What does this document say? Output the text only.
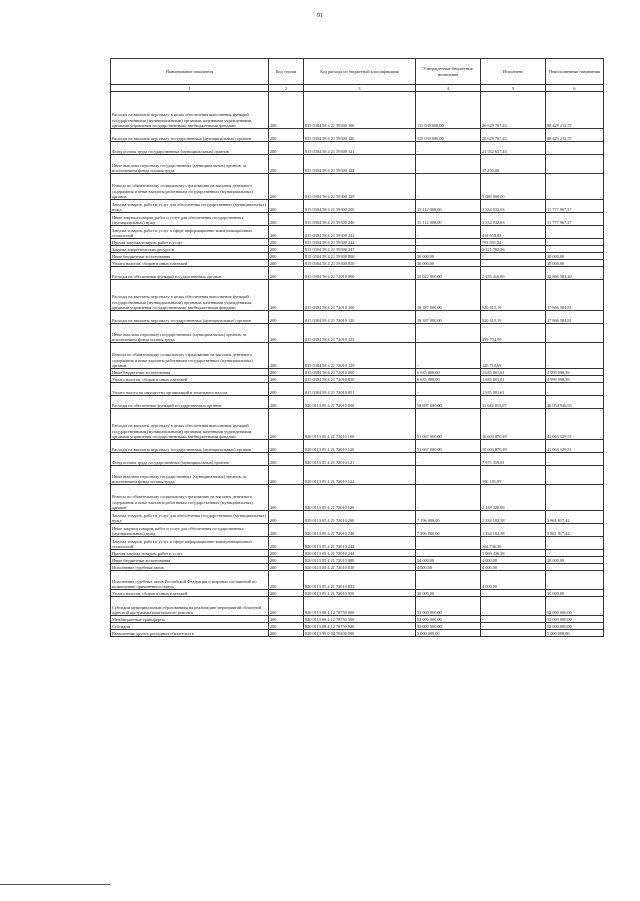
91
Наименование показателя	Код строки	Код расхода по бюджетной классификации	Утвержденные бюджетные назначения	Исполнено	Неисполненные назначения
1	2	3	4	5	6
Расходы на выплаты персоналу в целях обеспечения выполнения функций государственными (муниципальными) органами, казенными учреждениями, органами управления государственными внебюджетными фондами	200	815 0304 58 4 21 59300 100	115 039 000,00	26 629 787,43	88 429 212,57
Расходы на выплаты персоналу государственных (муниципальных) органов	200	815 0304 58 4 21 59300 120	115 039 000,00	26 629 787,43	88 429 212,57
Фонд оплаты труда государственных (муниципальных) органов	200	815 0304 58 4 21 59300 121	-	21 532 637,43	-
Иные выплаты персоналу государственных (муниципальных) органов, за исключением фонда оплаты труда	200	815 0304 58 4 21 59300 122	-	17 150,00	-
Взносы по обязательному социальному страхованию на выплаты денежного содержания и иные выплаты работникам государственных (муниципальных) органов	200	815 0304 58 4 21 59300 129	-	5 080 000,00	-
Закупка товаров, работ и услуг для обеспечения государственных (муниципальных) нужд	200	815 0304 58 4 21 59300 200	15 112 000,00	3 334 032,63	11 777 967,37
Иные закупки товаров, работ и услуг для обеспечения государственных (муниципальных) нужд	200	815 0304 58 4 21 59300 240	15 112 000,00	3 334 032,63	11 777 967,37
Закупка товаров, работ и услуг в сфере информационно-коммуникационных технологий	200	815 0304 58 4 21 59300 242	-	418 658,83	-
Прочая закупка товаров, работ и услуг	200	815 0304 58 4 21 59300 244	-	793 591,54	-
Закупка энергетических ресурсов	200	815 0304 58 4 21 59300 247	-	2 121 782,26	-
Иные бюджетные ассигнования	200	815 0304 58 4 21 59300 800	30 000,00	-	30 000,00
Уплата налогов, сборов и иных платежей	200	815 0304 58 4 21 59300 850	30 000,00	-	30 000,00
Расходы на обеспечение функций государственных органов	200	815 0304 58 4 21 72010 000	25 022 000,00	2 155 416,80	22 866 583,20
Расходы на выплаты персоналу в целях обеспечения выполнения функций государственными (муниципальными) органами, казенными учреждениями, органами управления государственными внебюджетными фондами	200	815 0304 58 4 21 72010 100	18 387 000,00	520 415,19	17 866 584,81
Расходы на выплаты персоналу государственных (муниципальных) органов	200	815 0304 58 4 21 72010 120	18 387 000,00	520 415,19	17 866 584,81
Иные выплаты персоналу государственных (муниципальных) органов, за исключением фонда оплаты труда	200	815 0304 58 4 21 72010 122	-	399 704,50	-
Взносы по обязательному социальному страхованию на выплаты денежного содержания и иные выплаты работникам государственных (муниципальных) органов	200	815 0304 58 4 21 72010 129	-	120 710,69	-
Иные бюджетные ассигнования	200	815 0304 58 4 21 72010 800	6 635 000,00	1 635 001,61	4 999 998,39
Уплата налогов, сборов и иных платежей	200	815 0304 58 4 21 72010 850	6 635 000,00	1 635 001,61	4 999 998,39
Уплата налога на имущество организаций и земельного налога	200	815 0304 58 4 21 72010 851	-	1 635 001,61	-
Расходы на обеспечение функций государственных органов	200	820 0113 05 4 21 72010 000	58 897 000,00	11 942 053,07	46 954 946,93
Расходы на выплаты персоналу в целях обеспечения выполнения функций государственными (муниципальными) органами, казенными учреждениями, органами управления государственными внебюджетными фондами	200	820 0113 05 4 21 72010 100	51 667 000,00	10 603 870,49	41 063 129,51
Расходы на выплаты персоналу государственных (муниципальных) органов	200	820 0113 05 4 21 72010 120	51 667 000,00	10 603 870,49	41 063 129,51
Фонд оплаты труда государственных (муниципальных) органов	200	820 0113 05 4 21 72010 121	-	7 975 359,81	-
Иные выплаты персоналу государственных (муниципальных) органов, за исключением фонда оплаты труда	200	820 0113 05 4 21 72010 122	-	190 181,99	-
Взносы по обязательному социальному страхованию на выплаты денежного содержания и иные выплаты работникам государственных (муниципальных) органов	200	820 0113 05 4 21 72010 129	-	2 438 328,69	-
Закупка товаров, работ и услуг для обеспечения государственных (муниципальных) нужд	200	820 0113 05 4 21 72010 200	7 196 000,00	1 334 182,58	5 861 817,42
Иные закупки товаров, работ и услуг для обеспечения государственных (муниципальных) нужд	200	820 0113 05 4 21 72010 240	7 196 000,00	1 334 182,58	5 861 817,42
Закупка товаров, работ и услуг в сфере информационно-коммуникационных технологий	200	820 0113 05 4 21 72010 242	-	264 746,30	-
Прочая закупка товаров, работ и услуг	200	820 0113 05 4 21 72010 244	-	1 069 436,28	-
Иные бюджетные ассигнования	200	820 0113 05 4 21 72010 800	34 000,00	4 000,00	30 000,00
Исполнение судебных актов	200	820 0113 05 4 21 72010 830	4 000,00	4 000,00	-
Исполнение судебных актов Российской Федерации и мировых соглашений по возмещению причиненного вреда	200	820 0113 05 4 21 72010 831	-	4 000,00	-
Уплата налогов, сборов и иных платежей	200	820 0113 05 4 21 72010 850	30 000,00	-	30 000,00
Субсидии муниципальным образованиям на реализацию мероприятий областной адресной программы капитального ремонта	200	820 0113 08 4 12 78750 000	52 000 000,00	-	52 000 000,00
Межбюджетные трансферты	200	820 0113 08 4 12 78750 500	52 000 000,00	-	52 000 000,00
Субсидии	200	820 0113 08 4 12 78750 520	52 000 000,00	-	52 000 000,00
Выполнение других расходных обязательств	200	820 0113 99 0 00 70200 000	5 000 000,00	-	5 000 000,00
